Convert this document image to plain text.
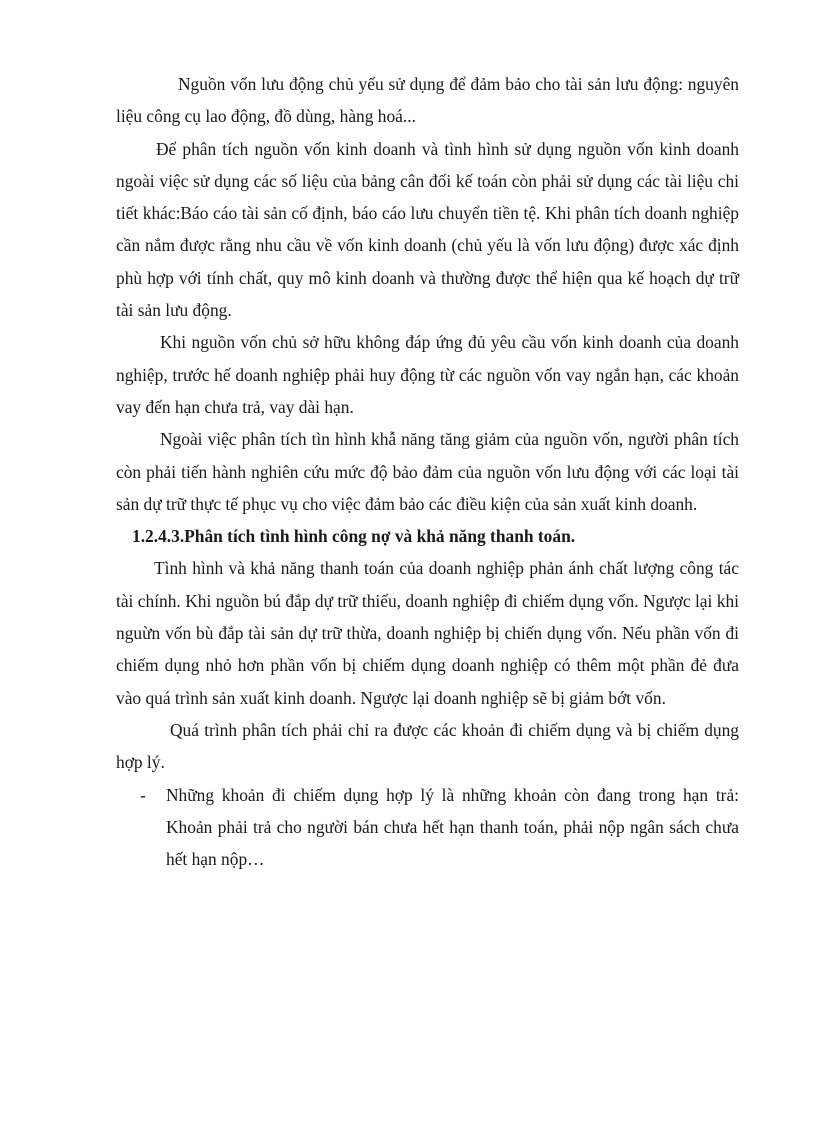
Nguồn vốn lưu động chủ yếu sử dụng để đảm bảo cho tài sản lưu động: nguyên liệu công cụ lao động, đồ dùng, hàng hoá...

Để phân tích nguồn vốn kinh doanh và tình hình sử dụng nguồn vốn kinh doanh ngoài việc sử dụng các số liệu của bảng cân đối kế toán còn phải sử dụng các tài liệu chi tiết khác:Báo cáo tài sản cố định, báo cáo lưu chuyển tiền tệ. Khi phân tích doanh nghiệp cần nắm được rằng nhu cầu về vốn kinh doanh (chủ yếu là vốn lưu động) được xác định phù hợp với tính chất, quy mô kinh doanh và thường được thể hiện qua kế hoạch dự trữ tài sản lưu động.

Khi nguồn vốn chủ sở hữu không đáp ứng đủ yêu cầu vốn kinh doanh của doanh nghiệp, trước hế doanh nghiệp phải huy động từ các nguồn vốn vay ngắn hạn, các khoản vay đến hạn chưa trả, vay dài hạn.

Ngoài việc phân tích tìn hình khẫ năng tăng giảm của nguồn vốn, người phân tích còn phải tiến hành nghiên cứu mức độ bảo đảm của nguồn vốn lưu động với các loại tài sản dự trữ thực tế phục vụ cho việc đảm bảo các điều kiện của sản xuất kinh doanh.

1.2.4.3.Phân tích tình hình công nợ và khả năng thanh toán.

Tình hình và khả năng thanh toán của doanh nghiệp phản ánh chất lượng công tác tài chính. Khi nguồn bú đắp dự trữ thiếu, doanh nghiệp đi chiếm dụng vốn. Ngược lại khi nguừn vốn bù đắp tài sản dự trữ thừa, doanh nghiệp bị chiến dụng vốn. Nếu phần vốn đi chiếm dụng nhỏ hơn phần vốn bị chiếm dụng doanh nghiệp có thêm một phần đẻ đưa vào quá trình sản xuất kinh doanh. Ngược lại doanh nghiệp sẽ bị giảm bớt vốn.

Quá trình phân tích phải chỉ ra được các khoản đi chiếm dụng và bị chiếm dụng hợp lý.

- Những khoản đi chiếm dụng hợp lý là những khoản còn đang trong hạn trả: Khoản phải trả cho người bán chưa hết hạn thanh toán, phải nộp ngân sách chưa hết hạn nộp…
